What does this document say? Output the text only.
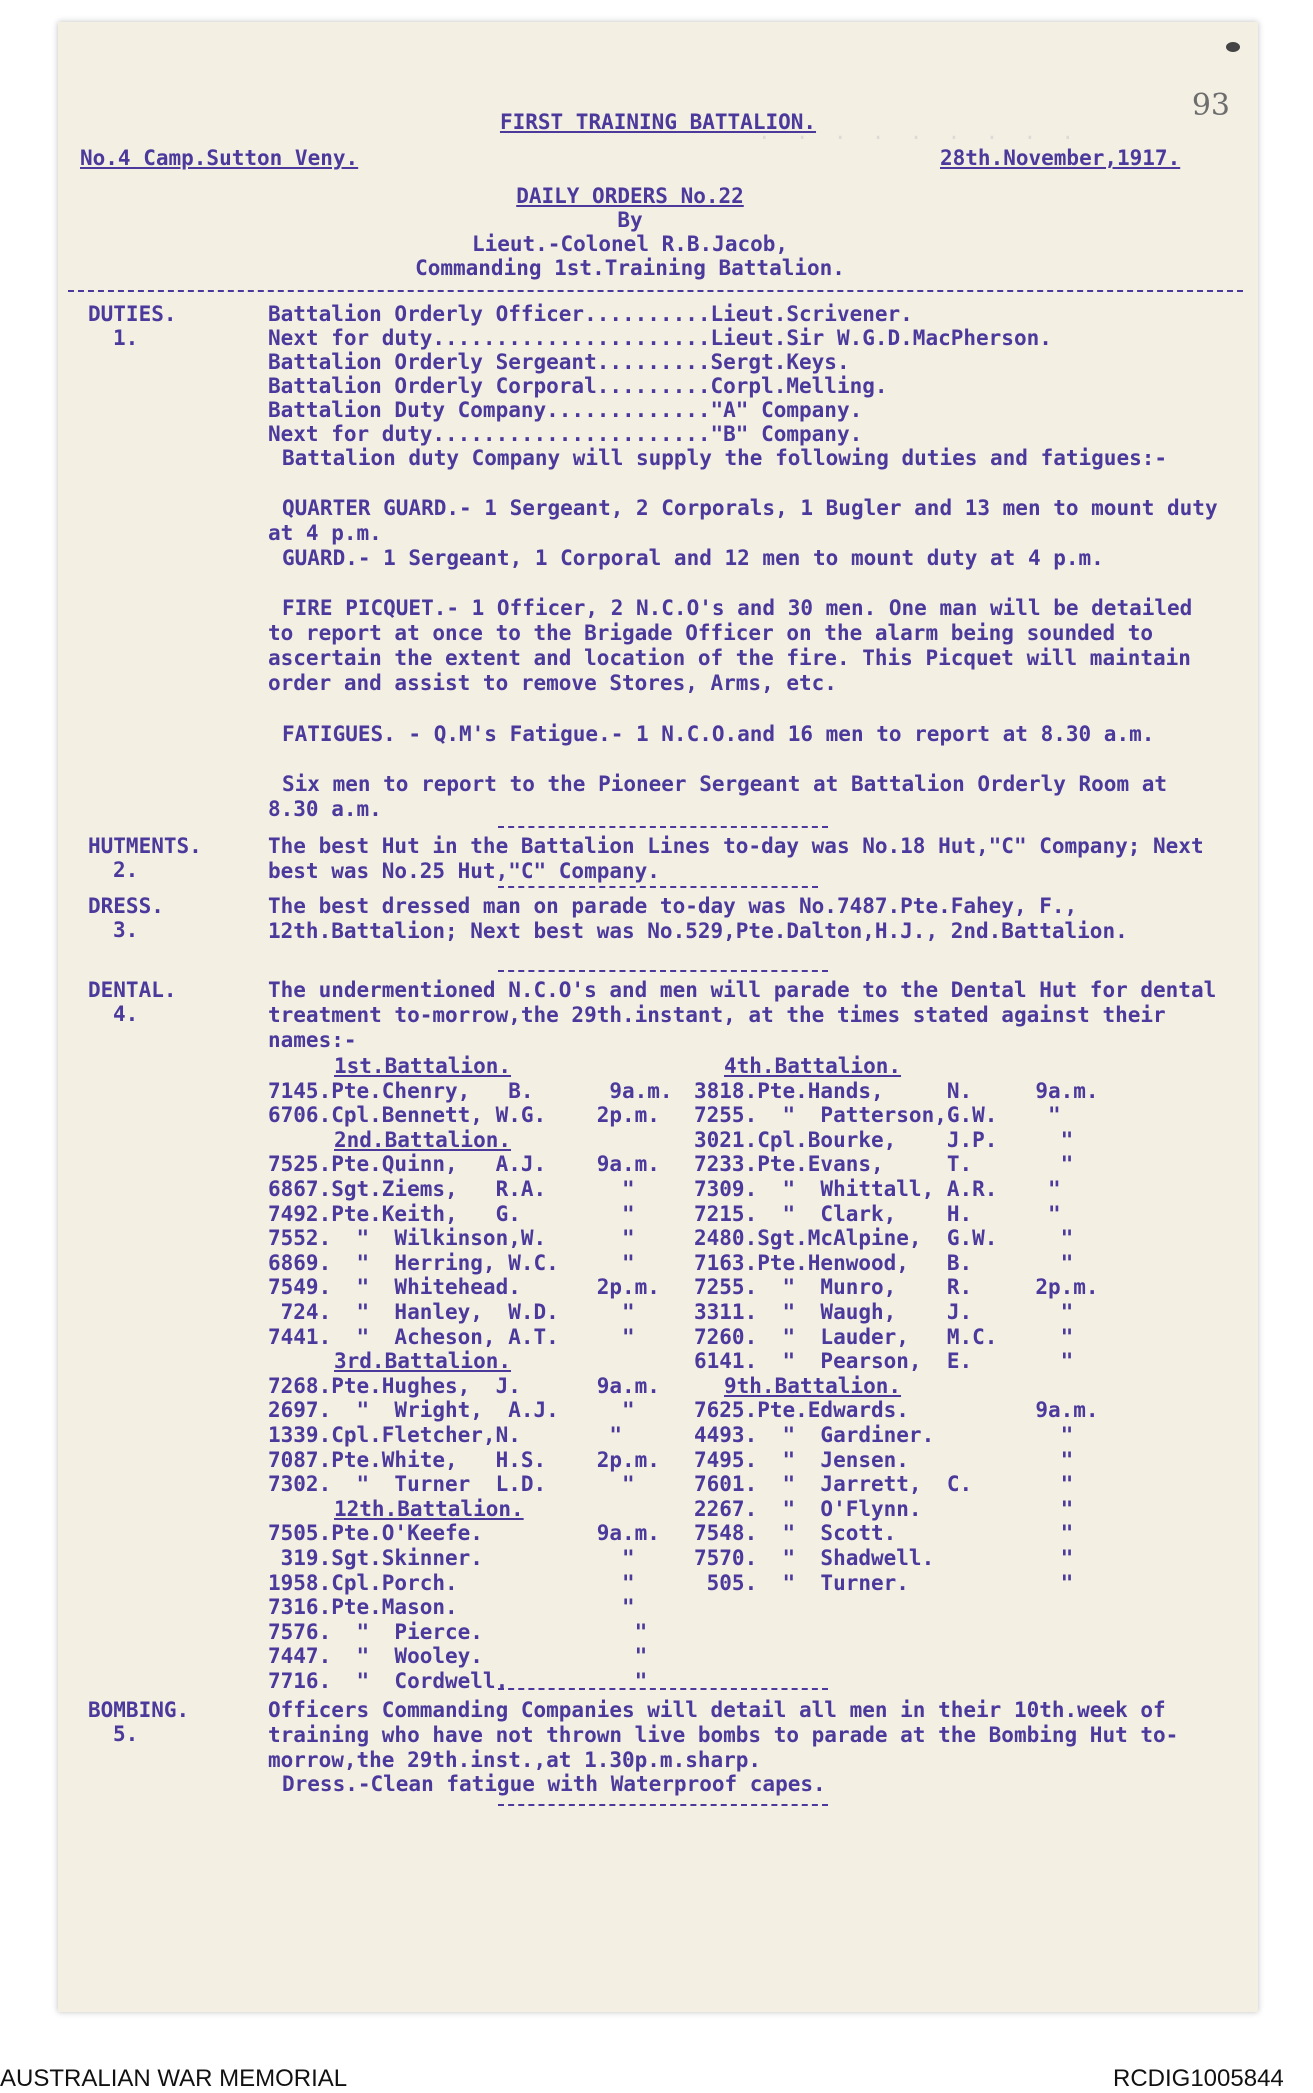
93
FIRST TRAINING BATTALION.
No.4 Camp.Sutton Veny.	28th.November,1917.
DAILY ORDERS No.22
By
Lieut.-Colonel R.B.Jacob,
Commanding 1st.Training Battalion.
DUTIES.
1.
Battalion Orderly Officer..........Lieut.Scrivener.
Next for duty......................Lieut.Sir W.G.D.MacPherson.
Battalion Orderly Sergeant.........Sergt.Keys.
Battalion Orderly Corporal.........Corpl.Melling.
Battalion Duty Company............."A" Company.
Next for duty......................"B" Company.
Battalion duty Company will supply the following duties and fatigues:-
QUARTER GUARD.- 1 Sergeant, 2 Corporals, 1 Bugler and 13 men to mount duty at 4 p.m.
GUARD.- 1 Sergeant, 1 Corporal and 12 men to mount duty at 4 p.m.
FIRE PICQUET.- 1 Officer, 2 N.C.O's and 30 men. One man will be detailed to report at once to the Brigade Officer on the alarm being sounded to ascertain the extent and location of the fire. This Picquet will maintain order and assist to remove Stores, Arms, etc.
FATIGUES. - Q.M's Fatigue.- 1 N.C.O.and 16 men to report at 8.30 a.m.
Six men to report to the Pioneer Sergeant at Battalion Orderly Room at 8.30 a.m.
HUTMENTS.
2.
The best Hut in the Battalion Lines to-day was No.18 Hut,"C" Company; Next best was No.25 Hut,"C" Company.
DRESS.
3.
The best dressed man on parade to-day was No.7487.Pte.Fahey, F., 12th.Battalion; Next best was No.529,Pte.Dalton,H.J., 2nd.Battalion.
DENTAL.
4.
The undermentioned N.C.O's and men will parade to the Dental Hut for dental treatment to-morrow,the 29th.instant, at the times stated against their names:-
1st.Battalion.
7145.Pte.Chenry,   B.      9a.m.
6706.Cpl.Bennett, W.G.    2p.m.
2nd.Battalion.
7525.Pte.Quinn,   A.J.    9a.m.
6867.Sgt.Ziems,   R.A.      "
7492.Pte.Keith,   G.        "
7552.  "  Wilkinson,W.      "
6869.  "  Herring, W.C.     "
7549.  "  Whitehead.      2p.m.
724.  "  Hanley,  W.D.     "
7441.  "  Acheson, A.T.     "
3rd.Battalion.
7268.Pte.Hughes,  J.      9a.m.
2697.  "  Wright,  A.J.     "
1339.Cpl.Fletcher,N.       "
7087.Pte.White,   H.S.    2p.m.
7302.  "  Turner  L.D.      "
12th.Battalion.
7505.Pte.O'Keefe.         9a.m.
319.Sgt.Skinner.           "
1958.Cpl.Porch.             "
7316.Pte.Mason.             "
7576.  "  Pierce.            "
7447.  "  Wooley.            "
7716.  "  Cordwell.          "
4th.Battalion.
3818.Pte.Hands,     N.     9a.m.
7255.  "  Patterson,G.W.    "
3021.Cpl.Bourke,    J.P.     "
7233.Pte.Evans,     T.       "
7309.  "  Whittall, A.R.    "
7215.  "  Clark,    H.      "
2480.Sgt.McAlpine,  G.W.     "
7163.Pte.Henwood,   B.       "
7255.  "  Munro,    R.     2p.m.
3311.  "  Waugh,    J.       "
7260.  "  Lauder,   M.C.     "
6141.  "  Pearson,  E.       "
9th.Battalion.
7625.Pte.Edwards.          9a.m.
4493.  "  Gardiner.          "
7495.  "  Jensen.            "
7601.  "  Jarrett,  C.       "
2267.  "  O'Flynn.           "
7548.  "  Scott.             "
7570.  "  Shadwell.          "
505.  "  Turner.            "
BOMBING.
5.
Officers Commanding Companies will detail all men in their 10th.week of training who have not thrown live bombs to parade at the Bombing Hut to-morrow,the 29th.inst.,at 1.30p.m.sharp.
Dress.-Clean fatigue with Waterproof capes.
.  .  .  .  .  .  .  .  .
AUSTRALIAN WAR MEMORIAL	RCDIG1005844
